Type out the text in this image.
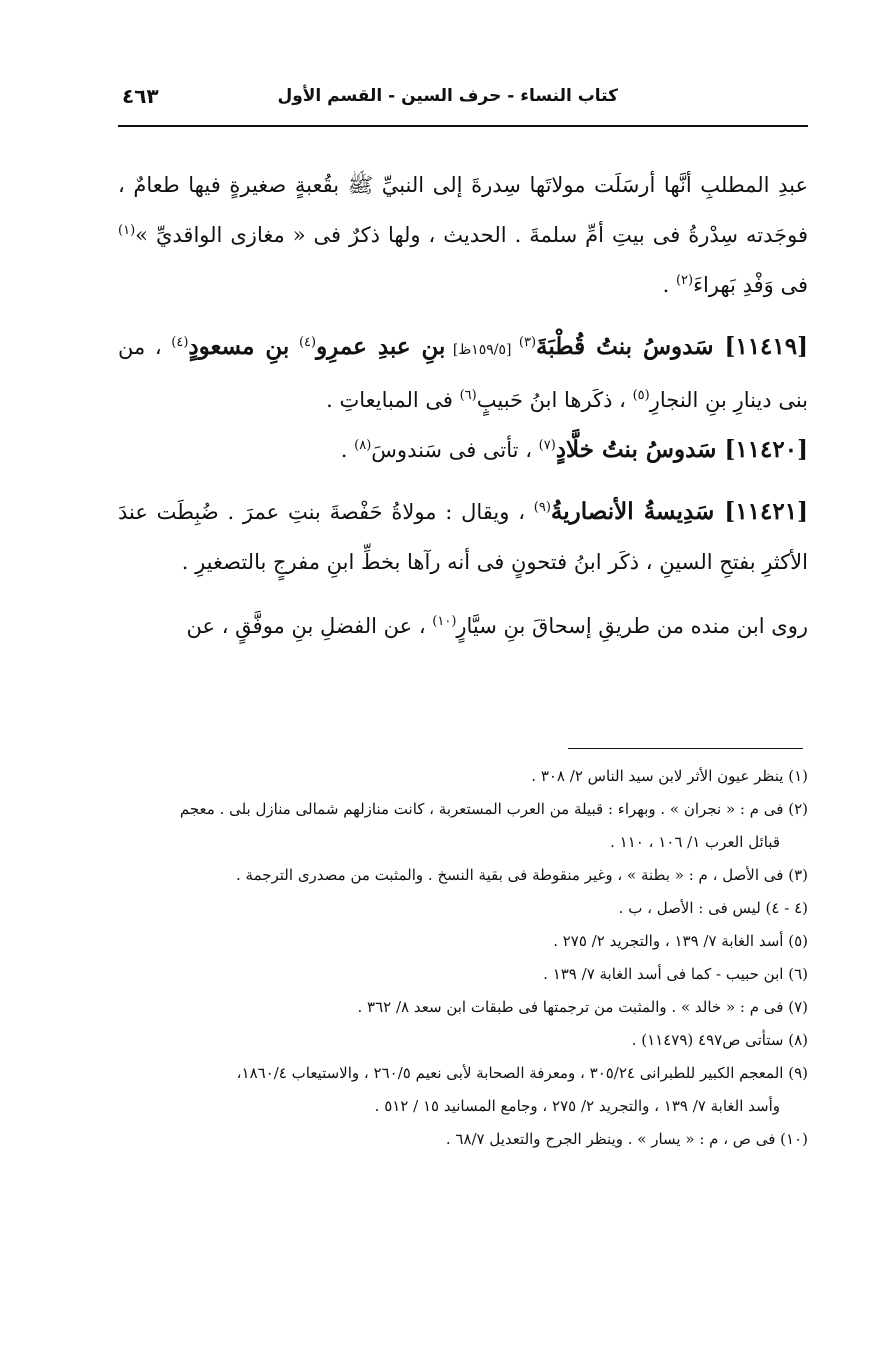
كتاب النساء - حرف السين - القسم الأول
٤٦٣

عبدِ المطلبِ أنَّها أرسَلَت مولاتَها سِدرةَ إلى النبيِّ ﷺ بقُعبةٍ صغيرةٍ فيها طعامٌ ، فوجَدته سِدْرةُ فى بيتِ أمِّ سلمةَ . الحديث ، ولها ذكرٌ فى « مغازى الواقديِّ »$^{(١)}$ فى وَفْدِ بَهراءَ$^{(٢)}$ .

[١١٤١٩] سَدوسُ بنتُ قُطْبَةَ$^{(٣)}$ [١٥٩/٥ظ] بنِ عبدِ عمرِو$^{(٤)}$ بنِ مسعودٍ$^{(٤)}$ ، من بنى دينارِ بنِ النجارِ$^{(٥)}$ ، ذكَرها ابنُ حَبيبٍ$^{(٦)}$ فى المبايعاتِ .

[١١٤٢٠] سَدوسُ بنتُ خلَّادٍ$^{(٧)}$ ، تأتى فى سَندوسَ$^{(٨)}$ .

[١١٤٢١] سَدِيسةُ الأنصاريةُ$^{(٩)}$ ، ويقال : مولاةُ حَفْصةَ بنتِ عمرَ . ضُبِطَت عندَ الأكثرِ بفتحِ السينِ ، ذكَر ابنُ فتحونٍ فى أنه رآها بخطِّ ابنِ مفرجٍ بالتصغيرِ .

روى ابن منده من طريقِ إسحاقَ بنِ سيَّارٍ$^{(١٠)}$ ، عن الفضلِ بنِ موفَّقٍ ، عن

(١) ينظر عيون الأثر لابن سيد الناس ٢/ ٣٠٨ .

(٢) فى م : « نجران » . وبهراء : قبيلة من العرب المستعربة ، كانت منازلهم شمالى منازل بلى . معجم
قبائل العرب ١/ ١٠٦ ، ١١٠ .

(٣) فى الأصل ، م : « بطنة » ، وغير منقوطة فى بقية النسخ . والمثبت من مصدرى الترجمة .

(٤ - ٤) ليس فى : الأصل ، ب .

(٥) أسد الغابة ٧/ ١٣٩ ، والتجريد ٢/ ٢٧٥ .

(٦) ابن حبيب - كما فى أسد الغابة ٧/ ١٣٩ .

(٧) فى م : « خالد » . والمثبت من ترجمتها فى طبقات ابن سعد ٨/ ٣٦٢ .

(٨) ستأتى ص٤٩٧ (١١٤٧٩) .

(٩) المعجم الكبير للطبرانى ٣٠٥/٢٤ ، ومعرفة الصحابة لأبى نعيم ٢٦٠/٥ ، والاستيعاب ١٨٦٠/٤،
وأسد الغابة ٧/ ١٣٩ ، والتجريد ٢/ ٢٧٥ ، وجامع المسانيد ١٥ / ٥١٢ .

(١٠) فى ص ، م : « يسار » . وينظر الجرح والتعديل ٦٨/٧ .
